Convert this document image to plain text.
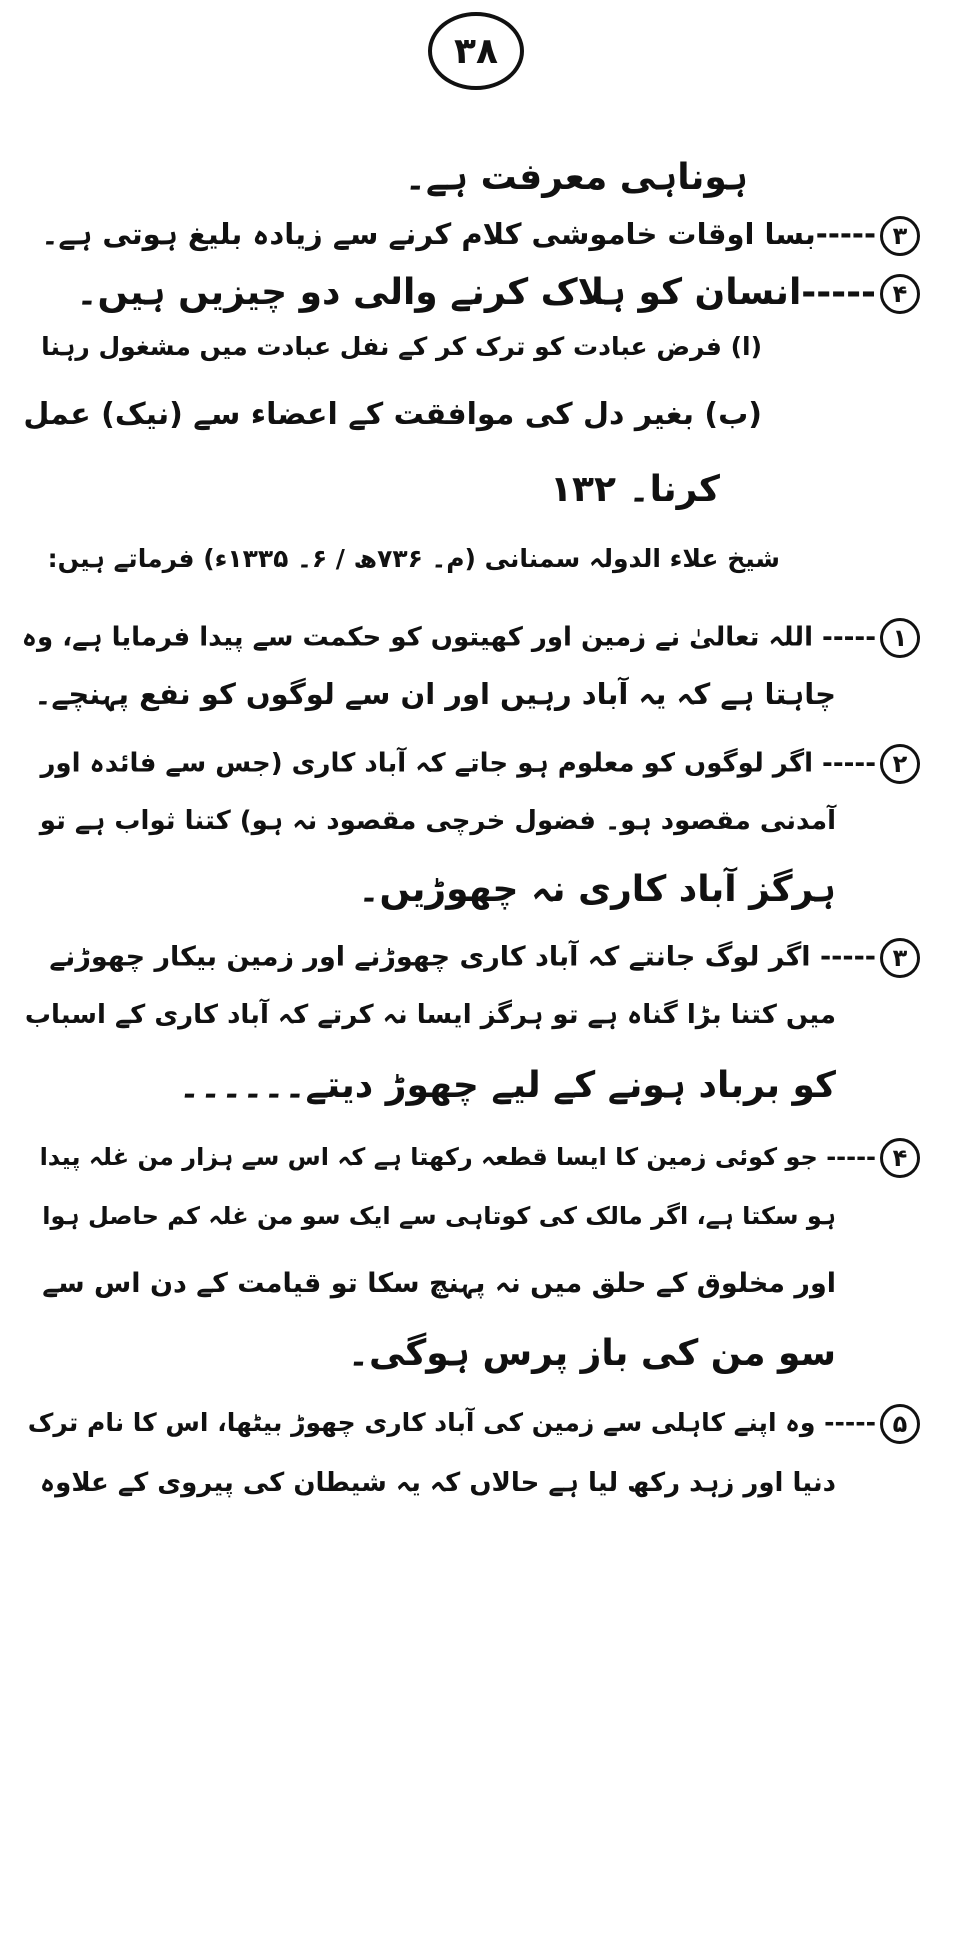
۳۸
ہوناہی معرفت ہے۔
۳-----بسا اوقات خاموشی کلام کرنے سے زیادہ بلیغ ہوتی ہے۔
۴-----انسان کو ہلاک کرنے والی دو چیزیں ہیں۔
(ا) فرض عبادت کو ترک کر کے نفل عبادت میں مشغول رہنا
(ب) بغیر دل کی موافقت کے اعضاء سے (نیک) عمل
کرنا۔ ۱۳۲
شیخ علاء الدولہ سمنانی (م۔ ۷۳۶ھ / ۶۔ ۱۳۳۵ء) فرماتے ہیں:
۱----- اللہ تعالیٰ نے زمین اور کھیتوں کو حکمت سے پیدا فرمایا ہے، وہ
چاہتا ہے کہ یہ آباد رہیں اور ان سے لوگوں کو نفع پہنچے۔
۲----- اگر لوگوں کو معلوم ہو جاتے کہ آباد کاری (جس سے فائدہ اور
آمدنی مقصود ہو۔ فضول خرچی مقصود نہ ہو) کتنا ثواب ہے تو
ہرگز آباد کاری نہ چھوڑیں۔
۳----- اگر لوگ جانتے کہ آباد کاری چھوڑنے اور زمین بیکار چھوڑنے
میں کتنا بڑا گناہ ہے تو ہرگز ایسا نہ کرتے کہ آباد کاری کے اسباب
کو برباد ہونے کے لیے چھوڑ دیتے۔۔۔۔۔۔
۴----- جو کوئی زمین کا ایسا قطعہ رکھتا ہے کہ اس سے ہزار من غلہ پیدا
ہو سکتا ہے، اگر مالک کی کوتاہی سے ایک سو من غلہ کم حاصل ہوا
اور مخلوق کے حلق میں نہ پہنچ سکا تو قیامت کے دن اس سے
سو من کی باز پرس ہوگی۔
۵----- وہ اپنے کاہلی سے زمین کی آباد کاری چھوڑ بیٹھا، اس کا نام ترک
دنیا اور زہد رکھ لیا ہے حالاں کہ یہ شیطان کی پیروی کے علاوہ
